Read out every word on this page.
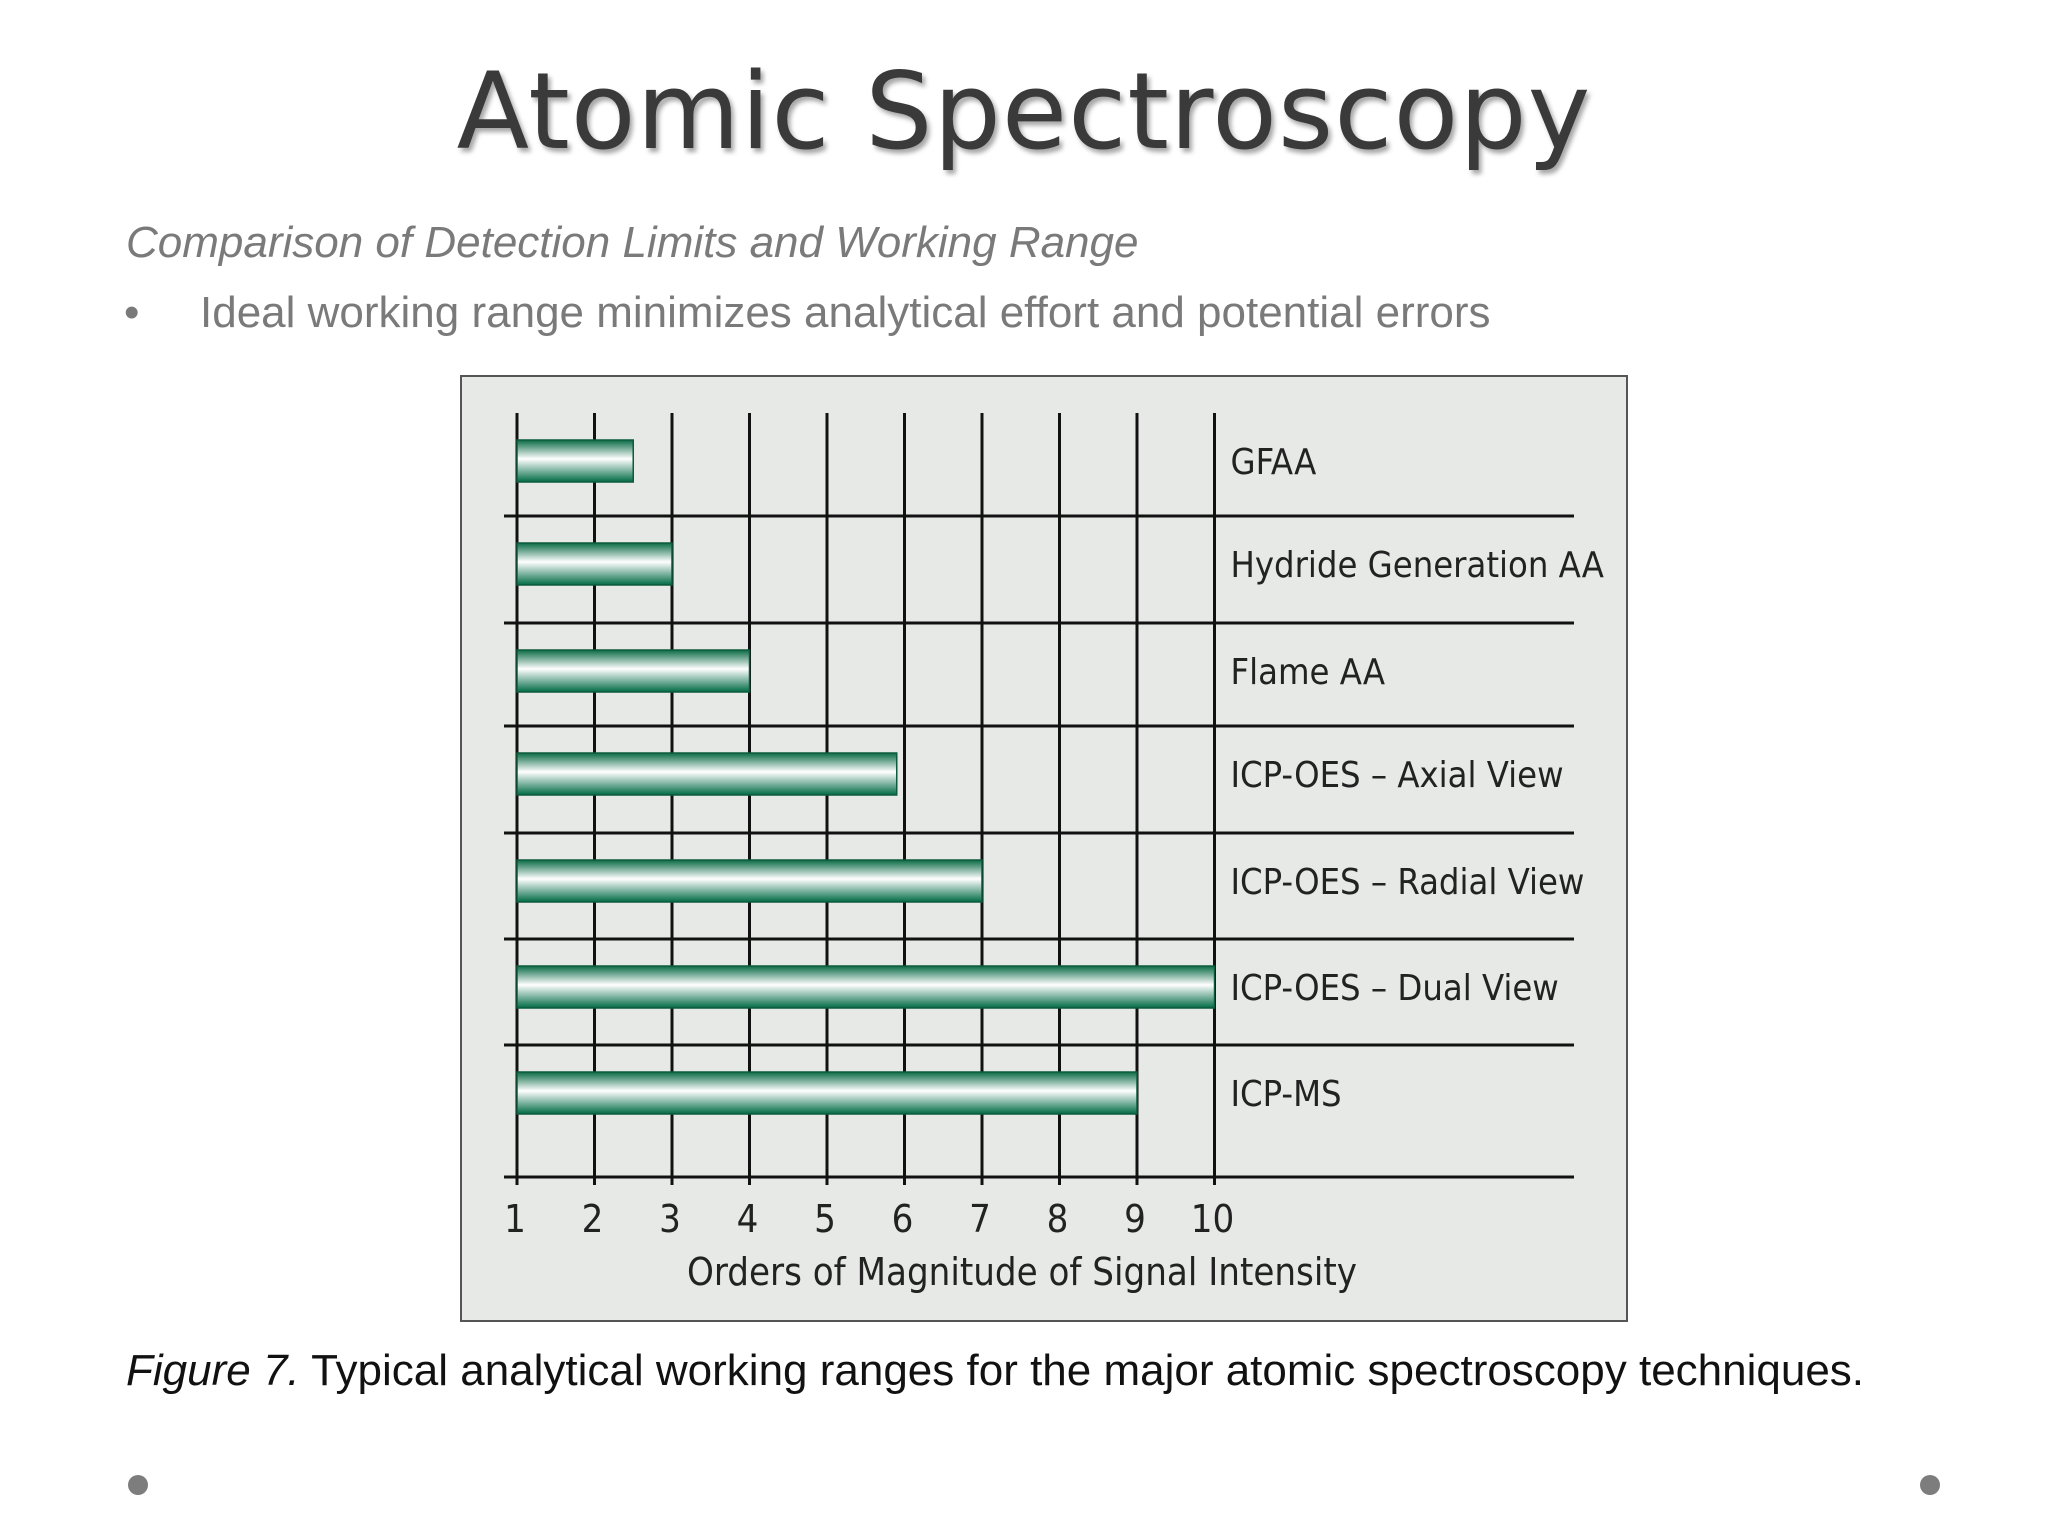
Atomic Spectroscopy
Comparison of Detection Limits and Working Range
• Ideal working range minimizes analytical effort and potential errors
GFAA
Hydride Generation AA
Flame AA
ICP-OES – Axial View
ICP-OES – Radial View
ICP-OES – Dual View
ICP-MS
1 2 3 4 5 6 7 8 9 10
Orders of Magnitude of Signal Intensity
Figure 7. Typical analytical working ranges for the major atomic spectroscopy techniques.
